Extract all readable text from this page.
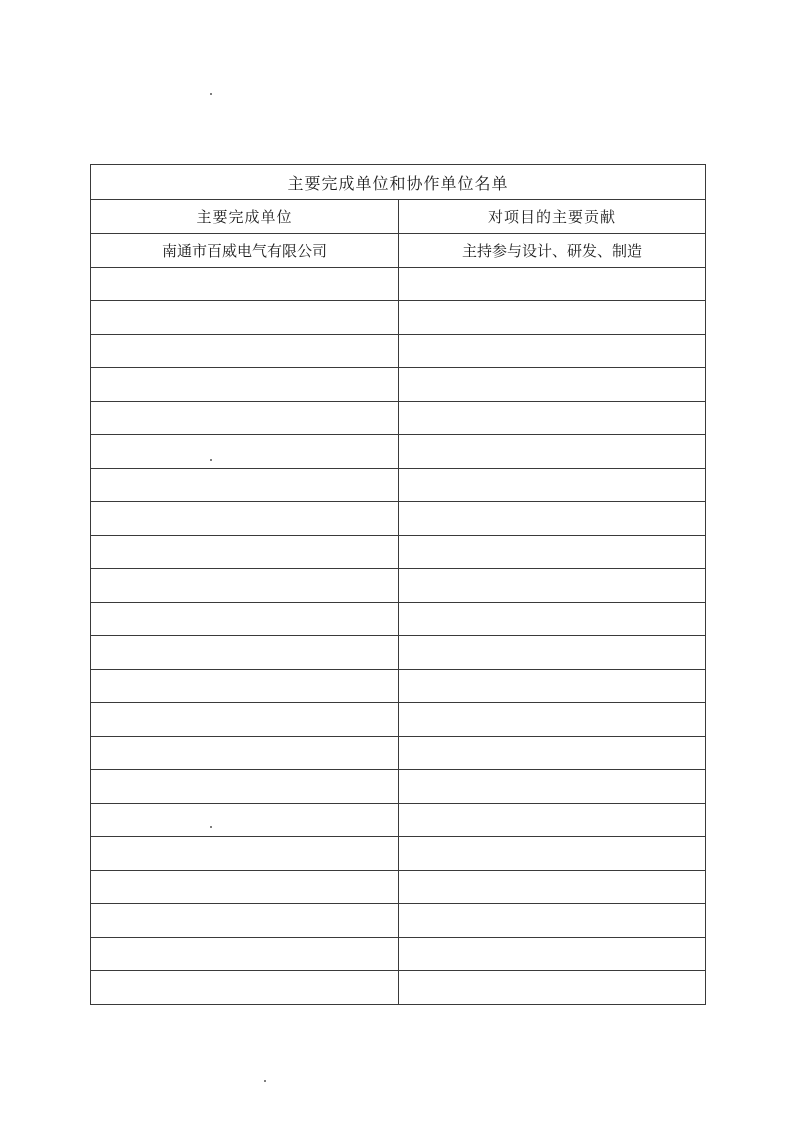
主要完成单位和协作单位名单	
主要完成单位	对项目的主要贡献
南通市百威电气有限公司	主持参与设计、研发、制造
